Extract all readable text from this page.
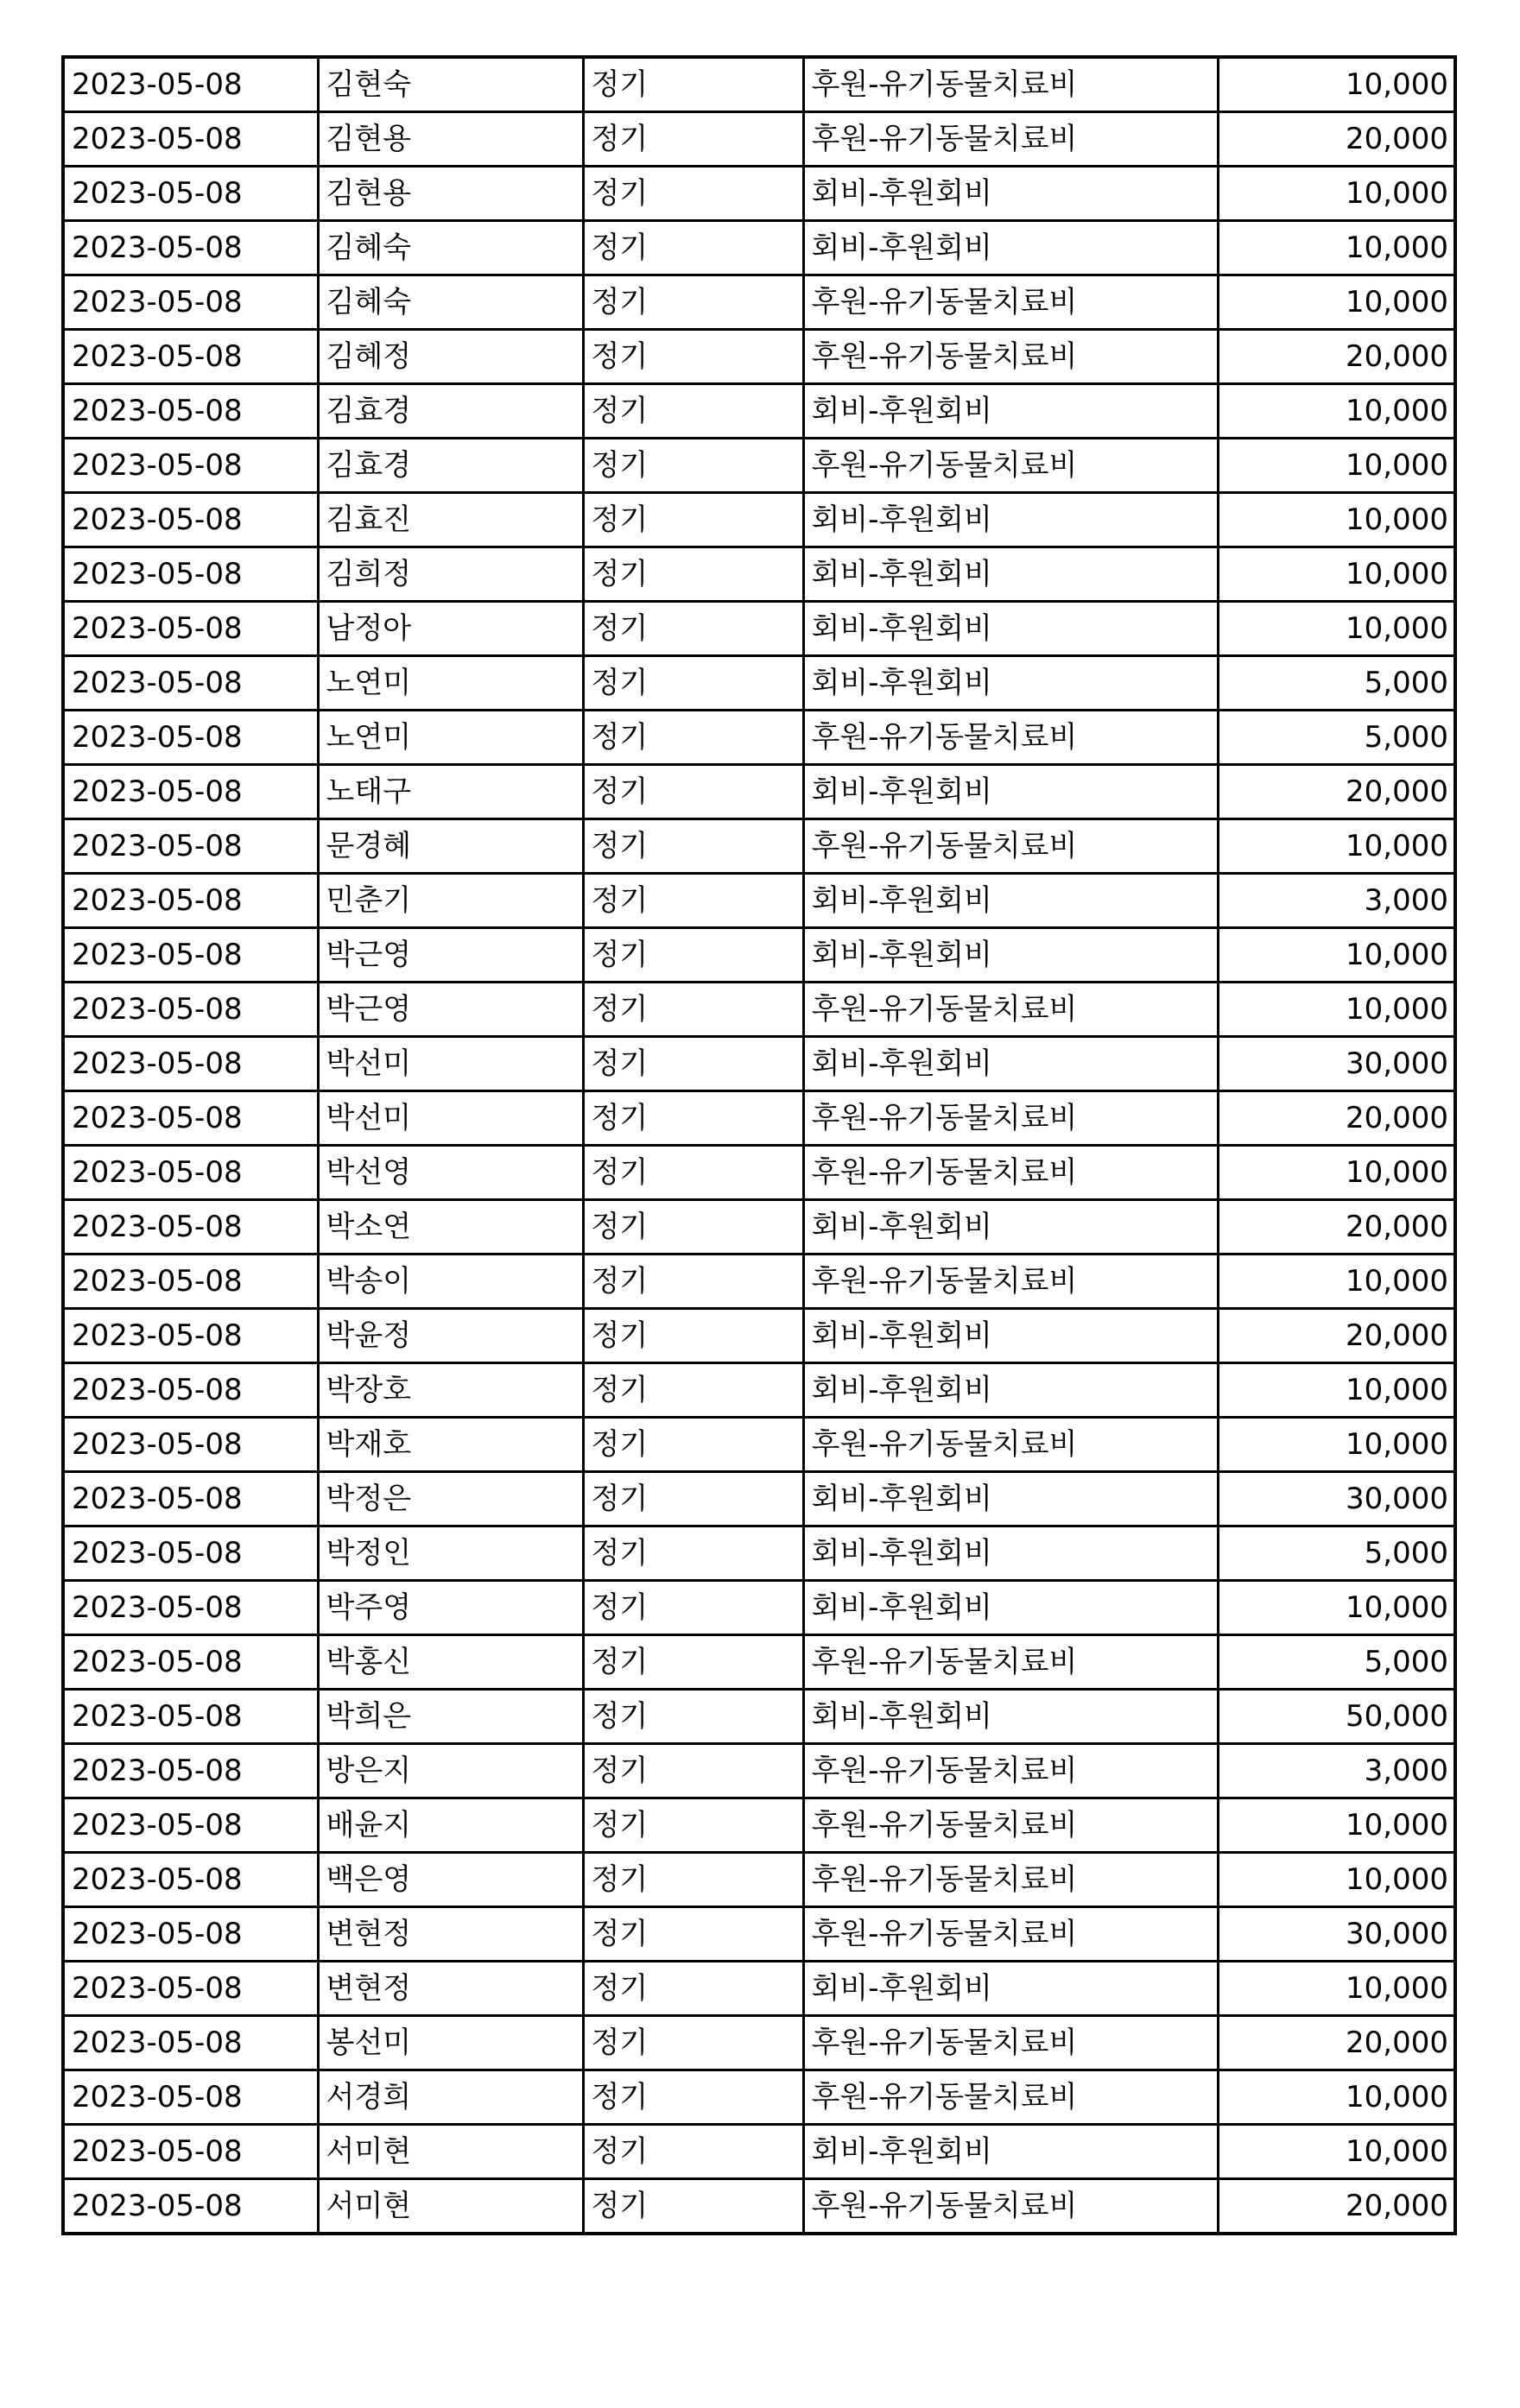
2023-05-08	김현숙	정기	후원-유기동물치료비	10,000
2023-05-08	김현용	정기	후원-유기동물치료비	20,000
2023-05-08	김현용	정기	회비-후원회비	10,000
2023-05-08	김혜숙	정기	회비-후원회비	10,000
2023-05-08	김혜숙	정기	후원-유기동물치료비	10,000
2023-05-08	김혜정	정기	후원-유기동물치료비	20,000
2023-05-08	김효경	정기	회비-후원회비	10,000
2023-05-08	김효경	정기	후원-유기동물치료비	10,000
2023-05-08	김효진	정기	회비-후원회비	10,000
2023-05-08	김희정	정기	회비-후원회비	10,000
2023-05-08	남정아	정기	회비-후원회비	10,000
2023-05-08	노연미	정기	회비-후원회비	5,000
2023-05-08	노연미	정기	후원-유기동물치료비	5,000
2023-05-08	노태구	정기	회비-후원회비	20,000
2023-05-08	문경혜	정기	후원-유기동물치료비	10,000
2023-05-08	민춘기	정기	회비-후원회비	3,000
2023-05-08	박근영	정기	회비-후원회비	10,000
2023-05-08	박근영	정기	후원-유기동물치료비	10,000
2023-05-08	박선미	정기	회비-후원회비	30,000
2023-05-08	박선미	정기	후원-유기동물치료비	20,000
2023-05-08	박선영	정기	후원-유기동물치료비	10,000
2023-05-08	박소연	정기	회비-후원회비	20,000
2023-05-08	박송이	정기	후원-유기동물치료비	10,000
2023-05-08	박윤정	정기	회비-후원회비	20,000
2023-05-08	박장호	정기	회비-후원회비	10,000
2023-05-08	박재호	정기	후원-유기동물치료비	10,000
2023-05-08	박정은	정기	회비-후원회비	30,000
2023-05-08	박정인	정기	회비-후원회비	5,000
2023-05-08	박주영	정기	회비-후원회비	10,000
2023-05-08	박홍신	정기	후원-유기동물치료비	5,000
2023-05-08	박희은	정기	회비-후원회비	50,000
2023-05-08	방은지	정기	후원-유기동물치료비	3,000
2023-05-08	배윤지	정기	후원-유기동물치료비	10,000
2023-05-08	백은영	정기	후원-유기동물치료비	10,000
2023-05-08	변현정	정기	후원-유기동물치료비	30,000
2023-05-08	변현정	정기	회비-후원회비	10,000
2023-05-08	봉선미	정기	후원-유기동물치료비	20,000
2023-05-08	서경희	정기	후원-유기동물치료비	10,000
2023-05-08	서미현	정기	회비-후원회비	10,000
2023-05-08	서미현	정기	후원-유기동물치료비	20,000
